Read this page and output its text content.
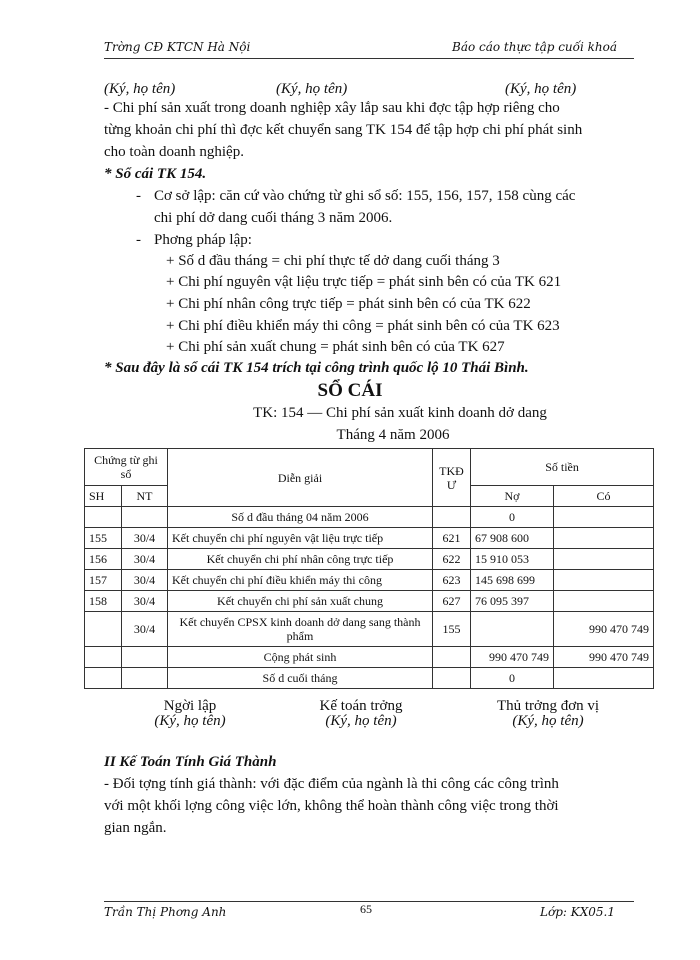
Trờng CĐ KTCN Hà Nội	Báo cáo thực tập cuối khoá
(Ký, họ tên)	(Ký, họ tên)	(Ký, họ tên)
- Chi phí sản xuất trong doanh nghiệp xây lắp sau khi đợc tập hợp riêng cho
từng khoản chi phí thì đợc kết chuyển sang TK 154 để tập hợp chi phí phát sinh
cho toàn doanh nghiệp.
* Sổ cái TK 154.
- Cơ sở lập: căn cứ vào chứng từ ghi sổ số: 155, 156, 157, 158 cùng các
chi phí dở dang cuối tháng 3 năm 2006.
- Phơng pháp lập:
+ Số d đầu tháng = chi phí thực tế dở dang cuối tháng 3
+ Chi phí nguyên vật liệu trực tiếp = phát sinh bên có của TK 621
+ Chi phí nhân công trực tiếp = phát sinh bên có của TK 622
+ Chi phí điều khiển máy thi công = phát sinh bên có của TK 623
+ Chi phí sản xuất chung = phát sinh bên có của TK 627
* Sau đây là sổ cái TK 154 trích tại công trình quốc lộ 10 Thái Bình.
SỔ CÁI
TK: 154 — Chi phí sản xuất kinh doanh dở dang
Tháng 4 năm 2006
Chứng từ ghi sổ		Diễn giải	TKĐ Ư	Số tiền	
SH	NT			Nợ	Có
		Số d đầu tháng 04 năm 2006		0	
155	30/4	Kết chuyển chi phí nguyên vật liệu trực tiếp	621	67 908 600	
156	30/4	Kết chuyển chi phí nhân công trực tiếp	622	15 910 053	
157	30/4	Kết chuyển chi phí điều khiển máy thi công	623	145 698 699	
158	30/4	Kết chuyển chi phí sản xuất chung	627	76 095 397	
	30/4	Kết chuyển CPSX kinh doanh dở dang sang thành phẩm	155		990 470 749
		Cộng phát sinh		990 470 749	990 470 749
		Số d cuối tháng		0	
Ngời lập
(Ký, họ tên)
Kế toán trởng
(Ký, họ tên)
Thủ trởng đơn vị
(Ký, họ tên)
II Kế Toán Tính Giá Thành
- Đối tợng tính giá thành: với đặc điểm của ngành là thi công các công trình
với một khối lợng công việc lớn, không thể hoàn thành công việc trong thời
gian ngắn.
Trần Thị Phơng Anh	65	Lớp: KX05.1
